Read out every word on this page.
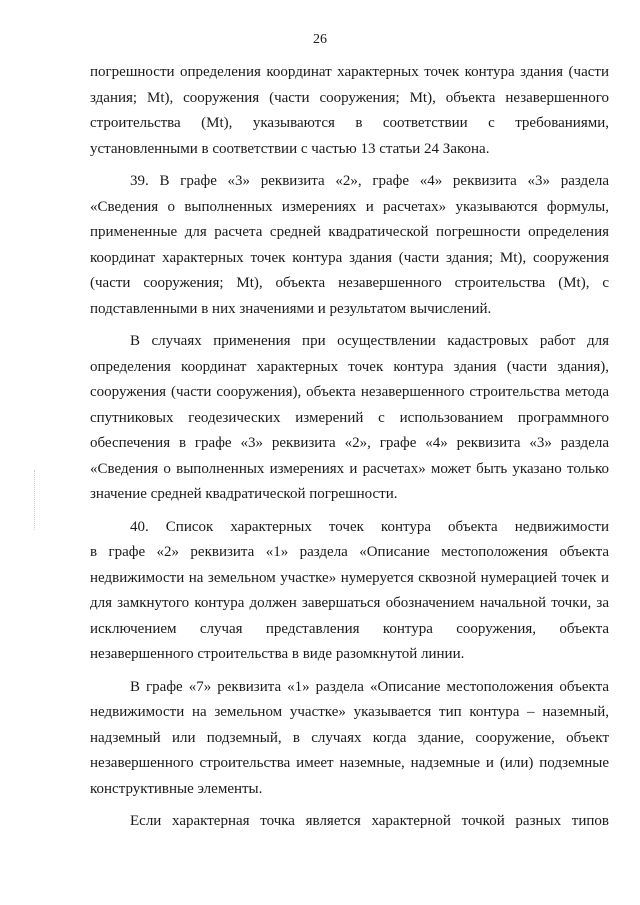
26

погрешности определения координат характерных точек контура здания (части
здания; Mt), сооружения (части сооружения; Mt), объекта незавершенного
строительства (Mt), указываются в соответствии с требованиями,
установленными в соответствии с частью 13 статьи 24 Закона.

39. В графе «3» реквизита «2», графе «4» реквизита «3» раздела
«Сведения о выполненных измерениях и расчетах» указываются формулы,
примененные для расчета средней квадратической погрешности определения
координат характерных точек контура здания (части здания; Mt), сооружения
(части сооружения; Mt), объекта незавершенного строительства (Mt), с
подставленными в них значениями и результатом вычислений.

В случаях применения при осуществлении кадастровых работ для
определения координат характерных точек контура здания (части здания),
сооружения (части сооружения), объекта незавершенного строительства метода
спутниковых геодезических измерений с использованием программного
обеспечения в графе «3» реквизита «2», графе «4» реквизита «3» раздела
«Сведения о выполненных измерениях и расчетах» может быть указано только
значение средней квадратической погрешности.

40. Список характерных точек контура объекта недвижимости
в графе «2» реквизита «1» раздела «Описание местоположения объекта
недвижимости на земельном участке» нумеруется сквозной нумерацией точек и
для замкнутого контура должен завершаться обозначением начальной точки, за
исключением случая представления контура сооружения, объекта
незавершенного строительства в виде разомкнутой линии.

В графе «7» реквизита «1» раздела «Описание местоположения объекта
недвижимости на земельном участке» указывается тип контура – наземный,
надземный или подземный, в случаях когда здание, сооружение, объект
незавершенного строительства имеет наземные, надземные и (или) подземные
конструктивные элементы.

Если характерная точка является характерной точкой разных типов
